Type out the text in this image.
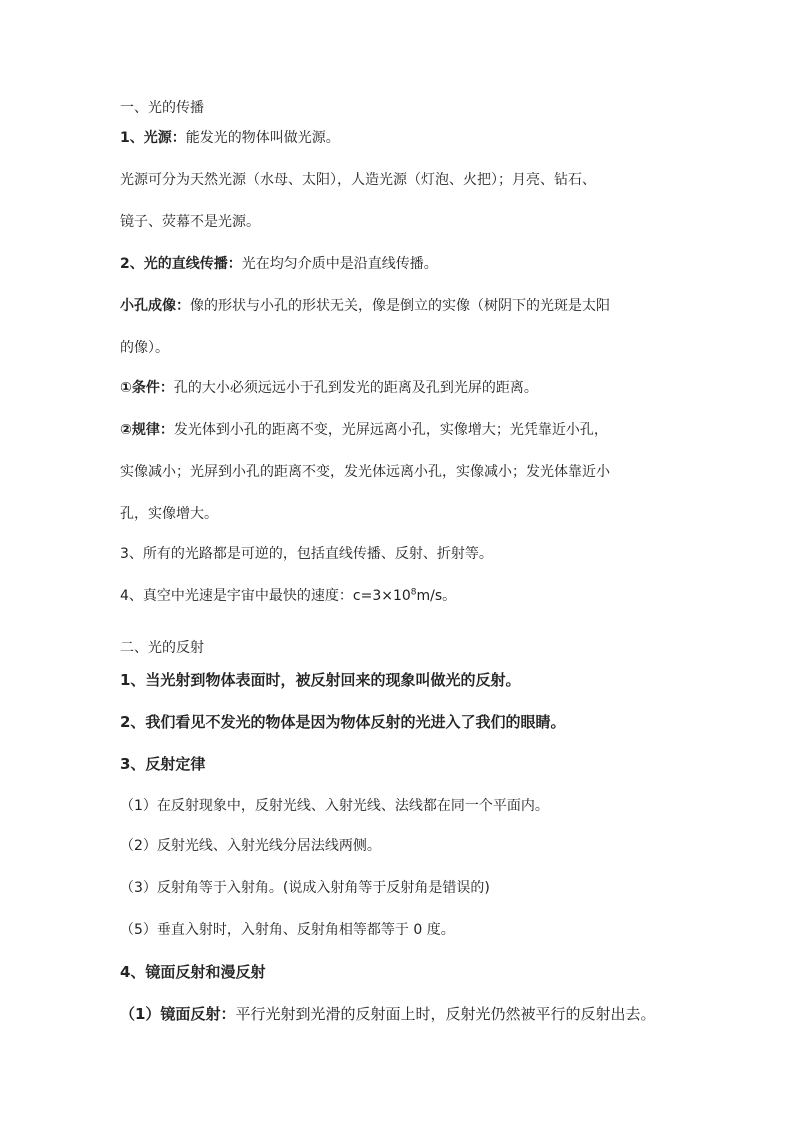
一、光的传播
1、光源：能发光的物体叫做光源。
光源可分为天然光源（水母、太阳），人造光源（灯泡、火把）；月亮、钻石、
镜子、荧幕不是光源。
2、光的直线传播：光在均匀介质中是沿直线传播。
小孔成像：像的形状与小孔的形状无关，像是倒立的实像（树阴下的光斑是太阳
的像）。
①条件：孔的大小必须远远小于孔到发光的距离及孔到光屏的距离。
②规律：发光体到小孔的距离不变，光屏远离小孔，实像增大；光凭靠近小孔，
实像减小；光屏到小孔的距离不变，发光体远离小孔，实像减小；发光体靠近小
孔，实像增大。
3、所有的光路都是可逆的，包括直线传播、反射、折射等。
4、真空中光速是宇宙中最快的速度：$c=3\times 10^8m/s$。
二、光的反射
1、当光射到物体表面时，被反射回来的现象叫做光的反射。
2、我们看见不发光的物体是因为物体反射的光进入了我们的眼睛。
3、反射定律
（1）在反射现象中，反射光线、入射光线、法线都在同一个平面内。
（2）反射光线、入射光线分居法线两侧。
（3）反射角等于入射角。(说成入射角等于反射角是错误的)
（5）垂直入射时，入射角、反射角相等都等于 0 度。
4、镜面反射和漫反射
（1）镜面反射：平行光射到光滑的反射面上时，反射光仍然被平行的反射出去。
